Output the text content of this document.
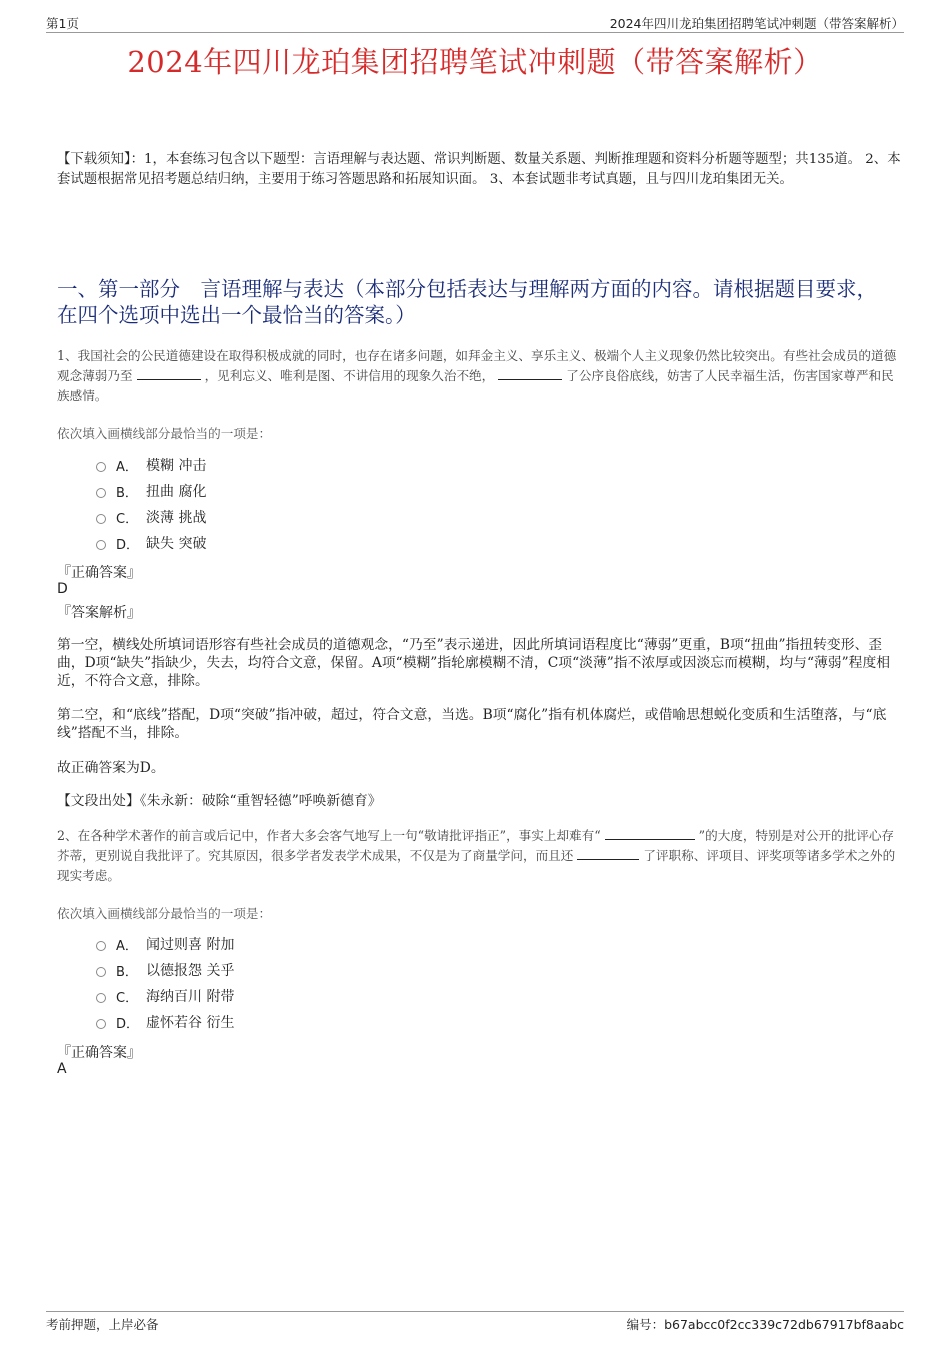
第1页	2024年四川龙珀集团招聘笔试冲刺题（带答案解析）
2024年四川龙珀集团招聘笔试冲刺题（带答案解析）
【下载须知】：1，本套练习包含以下题型：言语理解与表达题、常识判断题、数量关系题、判断推理题和资料分析题等题型；共135道。 2、本套试题根据常见招考题总结归纳，主要用于练习答题思路和拓展知识面。 3、本套试题非考试真题，且与四川龙珀集团无关。
一、第一部分　言语理解与表达（本部分包括表达与理解两方面的内容。请根据题目要求，在四个选项中选出一个最恰当的答案。）
1、我国社会的公民道德建设在取得积极成就的同时，也存在诸多问题，如拜金主义、享乐主义、极端个人主义现象仍然比较突出。有些社会成员的道德观念薄弱乃至	，见利忘义、唯利是图、不讲信用的现象久治不绝，	了公序良俗底线，妨害了人民幸福生活，伤害国家尊严和民族感情。
依次填入画横线部分最恰当的一项是：
A． 模糊 冲击
B． 扭曲 腐化
C． 淡薄 挑战
D． 缺失 突破
『正确答案』
D
『答案解析』
第一空，横线处所填词语形容有些社会成员的道德观念，“乃至”表示递进，因此所填词语程度比“薄弱”更重，B项“扭曲”指扭转变形、歪曲，D项“缺失”指缺少，失去，均符合文意，保留。A项“模糊”指轮廓模糊不清，C项“淡薄”指不浓厚或因淡忘而模糊，均与“薄弱”程度相近，不符合文意，排除。
第二空，和“底线”搭配，D项“突破”指冲破，超过，符合文意，当选。B项“腐化”指有机体腐烂，或借喻思想蜕化变质和生活堕落，与“底线”搭配不当，排除。
故正确答案为D。
【文段出处】《朱永新：破除“重智轻德”呼唤新德育》
2、在各种学术著作的前言或后记中，作者大多会客气地写上一句“敬请批评指正”，事实上却难有“	”的大度，特别是对公开的批评心存芥蒂，更别说自我批评了。究其原因，很多学者发表学术成果，不仅是为了商量学问，而且还	了评职称、评项目、评奖项等诸多学术之外的现实考虑。
依次填入画横线部分最恰当的一项是：
A． 闻过则喜 附加
B． 以德报怨 关乎
C． 海纳百川 附带
D． 虚怀若谷 衍生
『正确答案』
A
考前押题，上岸必备	编号：b67abcc0f2cc339c72db67917bf8aabc
